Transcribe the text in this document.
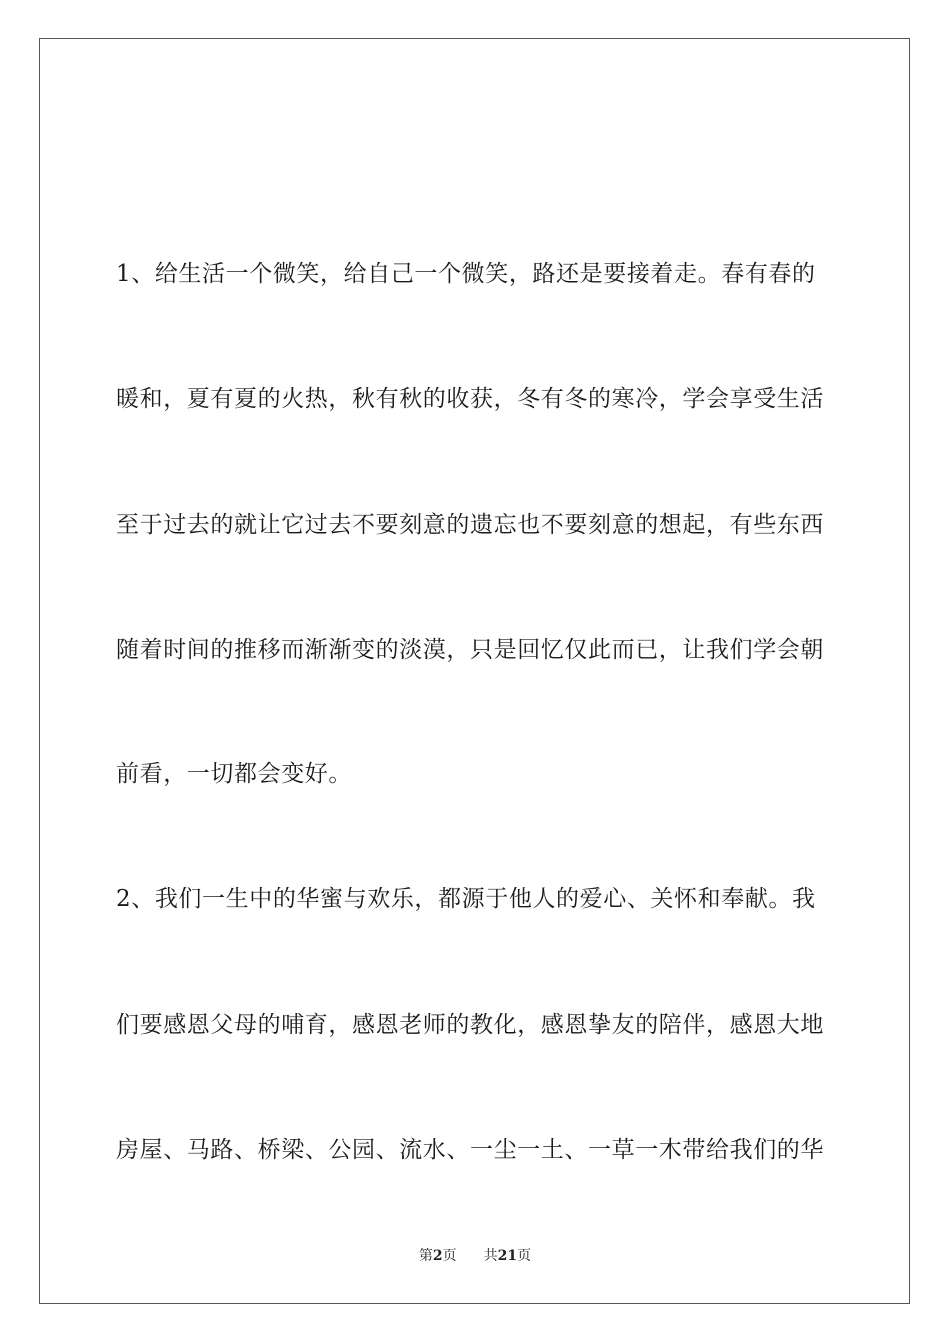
1、给生活一个微笑，给自己一个微笑，路还是要接着走。春有春的
暖和，夏有夏的火热，秋有秋的收获，冬有冬的寒冷，学会享受生活
至于过去的就让它过去不要刻意的遗忘也不要刻意的想起，有些东西
随着时间的推移而渐渐变的淡漠，只是回忆仅此而已，让我们学会朝
前看，一切都会变好。
2、我们一生中的华蜜与欢乐，都源于他人的爱心、关怀和奉献。我
们要感恩父母的哺育，感恩老师的教化，感恩挚友的陪伴，感恩大地
房屋、马路、桥梁、公园、流水、一尘一土、一草一木带给我们的华
第2页 共21页
